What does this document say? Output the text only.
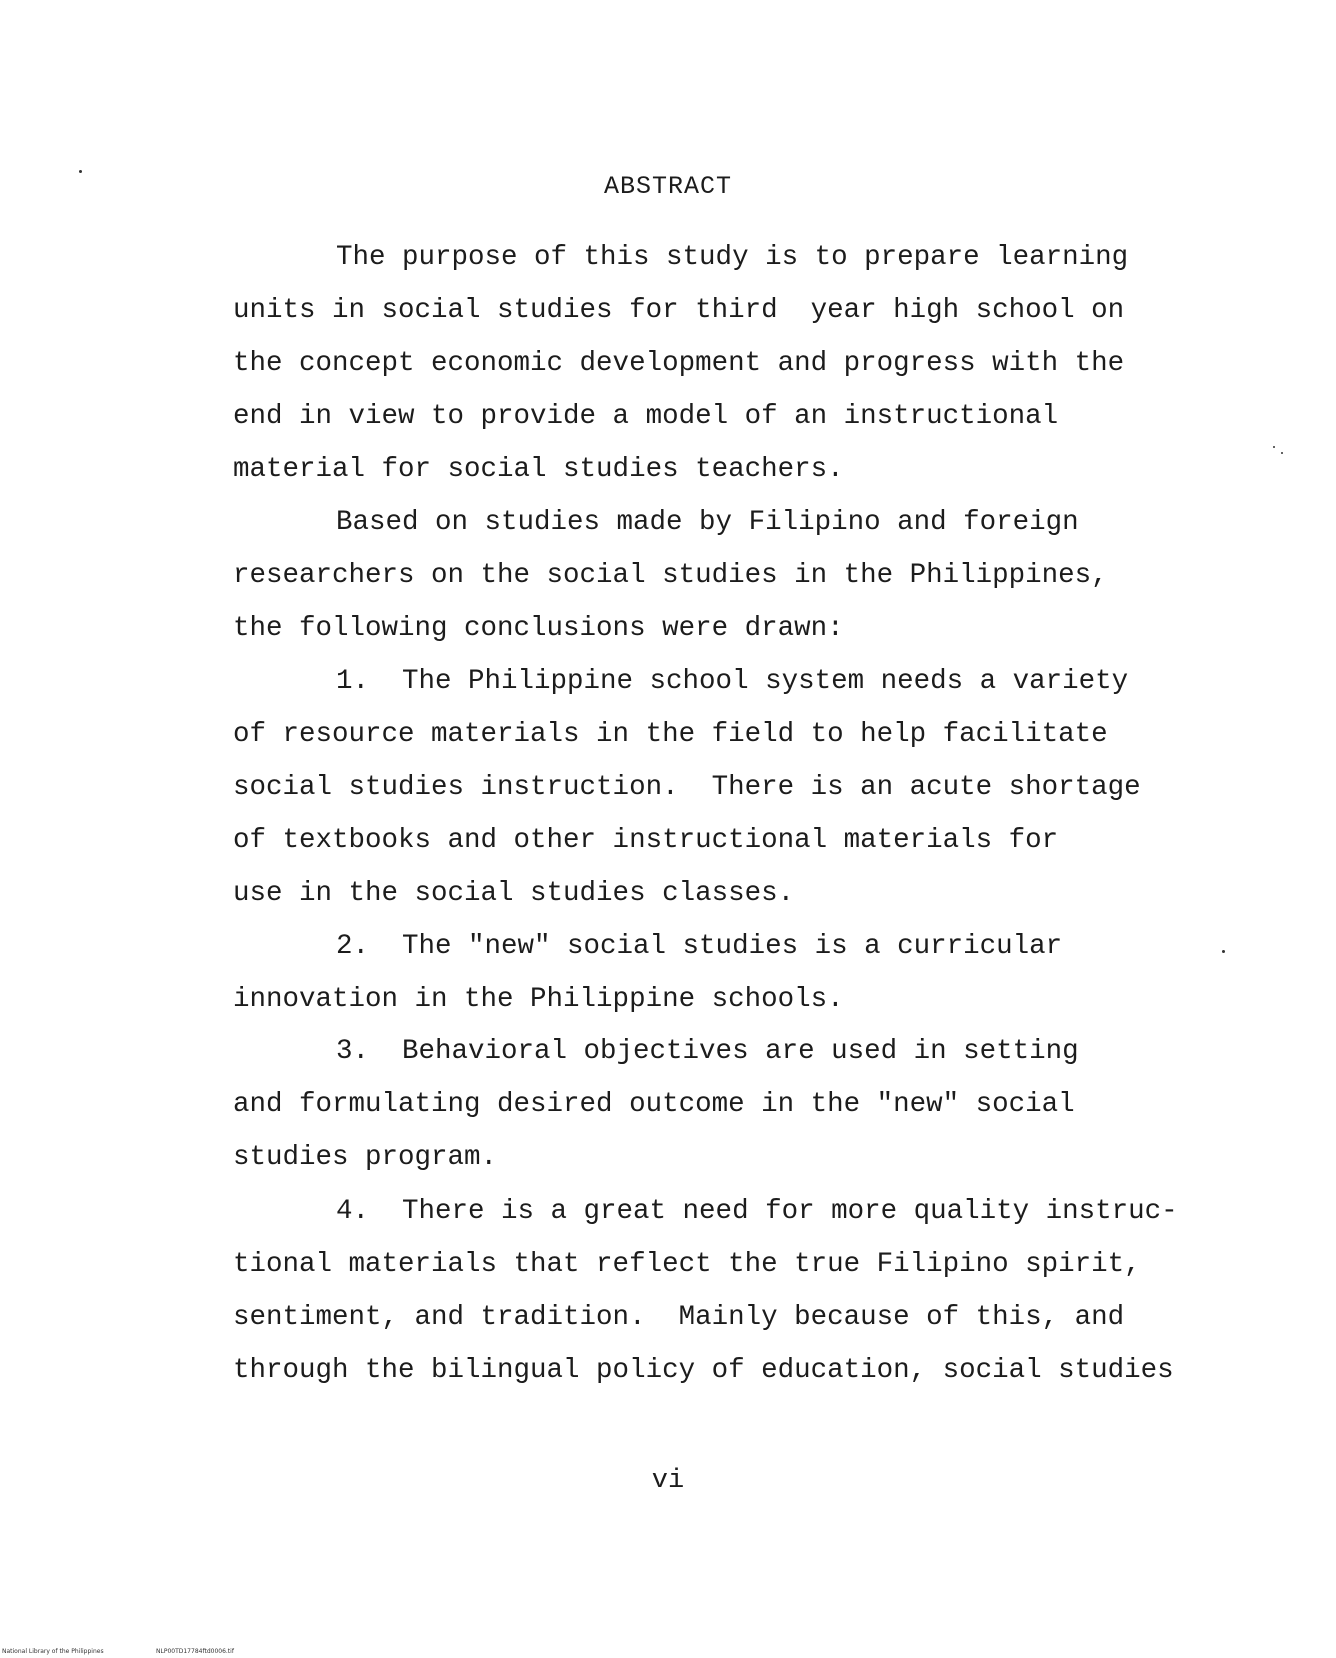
ABSTRACT
The purpose of this study is to prepare learning
units in social studies for third  year high school on
the concept economic development and progress with the
end in view to provide a model of an instructional
material for social studies teachers.
Based on studies made by Filipino and foreign
researchers on the social studies in the Philippines,
the following conclusions were drawn:
1.  The Philippine school system needs a variety
of resource materials in the field to help facilitate
social studies instruction.  There is an acute shortage
of textbooks and other instructional materials for
use in the social studies classes.
2.  The "new" social studies is a curricular
innovation in the Philippine schools.
3.  Behavioral objectives are used in setting
and formulating desired outcome in the "new" social
studies program.
4.  There is a great need for more quality instruc-
tional materials that reflect the true Filipino spirit,
sentiment, and tradition.  Mainly because of this, and
through the bilingual policy of education, social studies
vi
National Library of the Philippines	NLP00TD17784ftd0006.tif
